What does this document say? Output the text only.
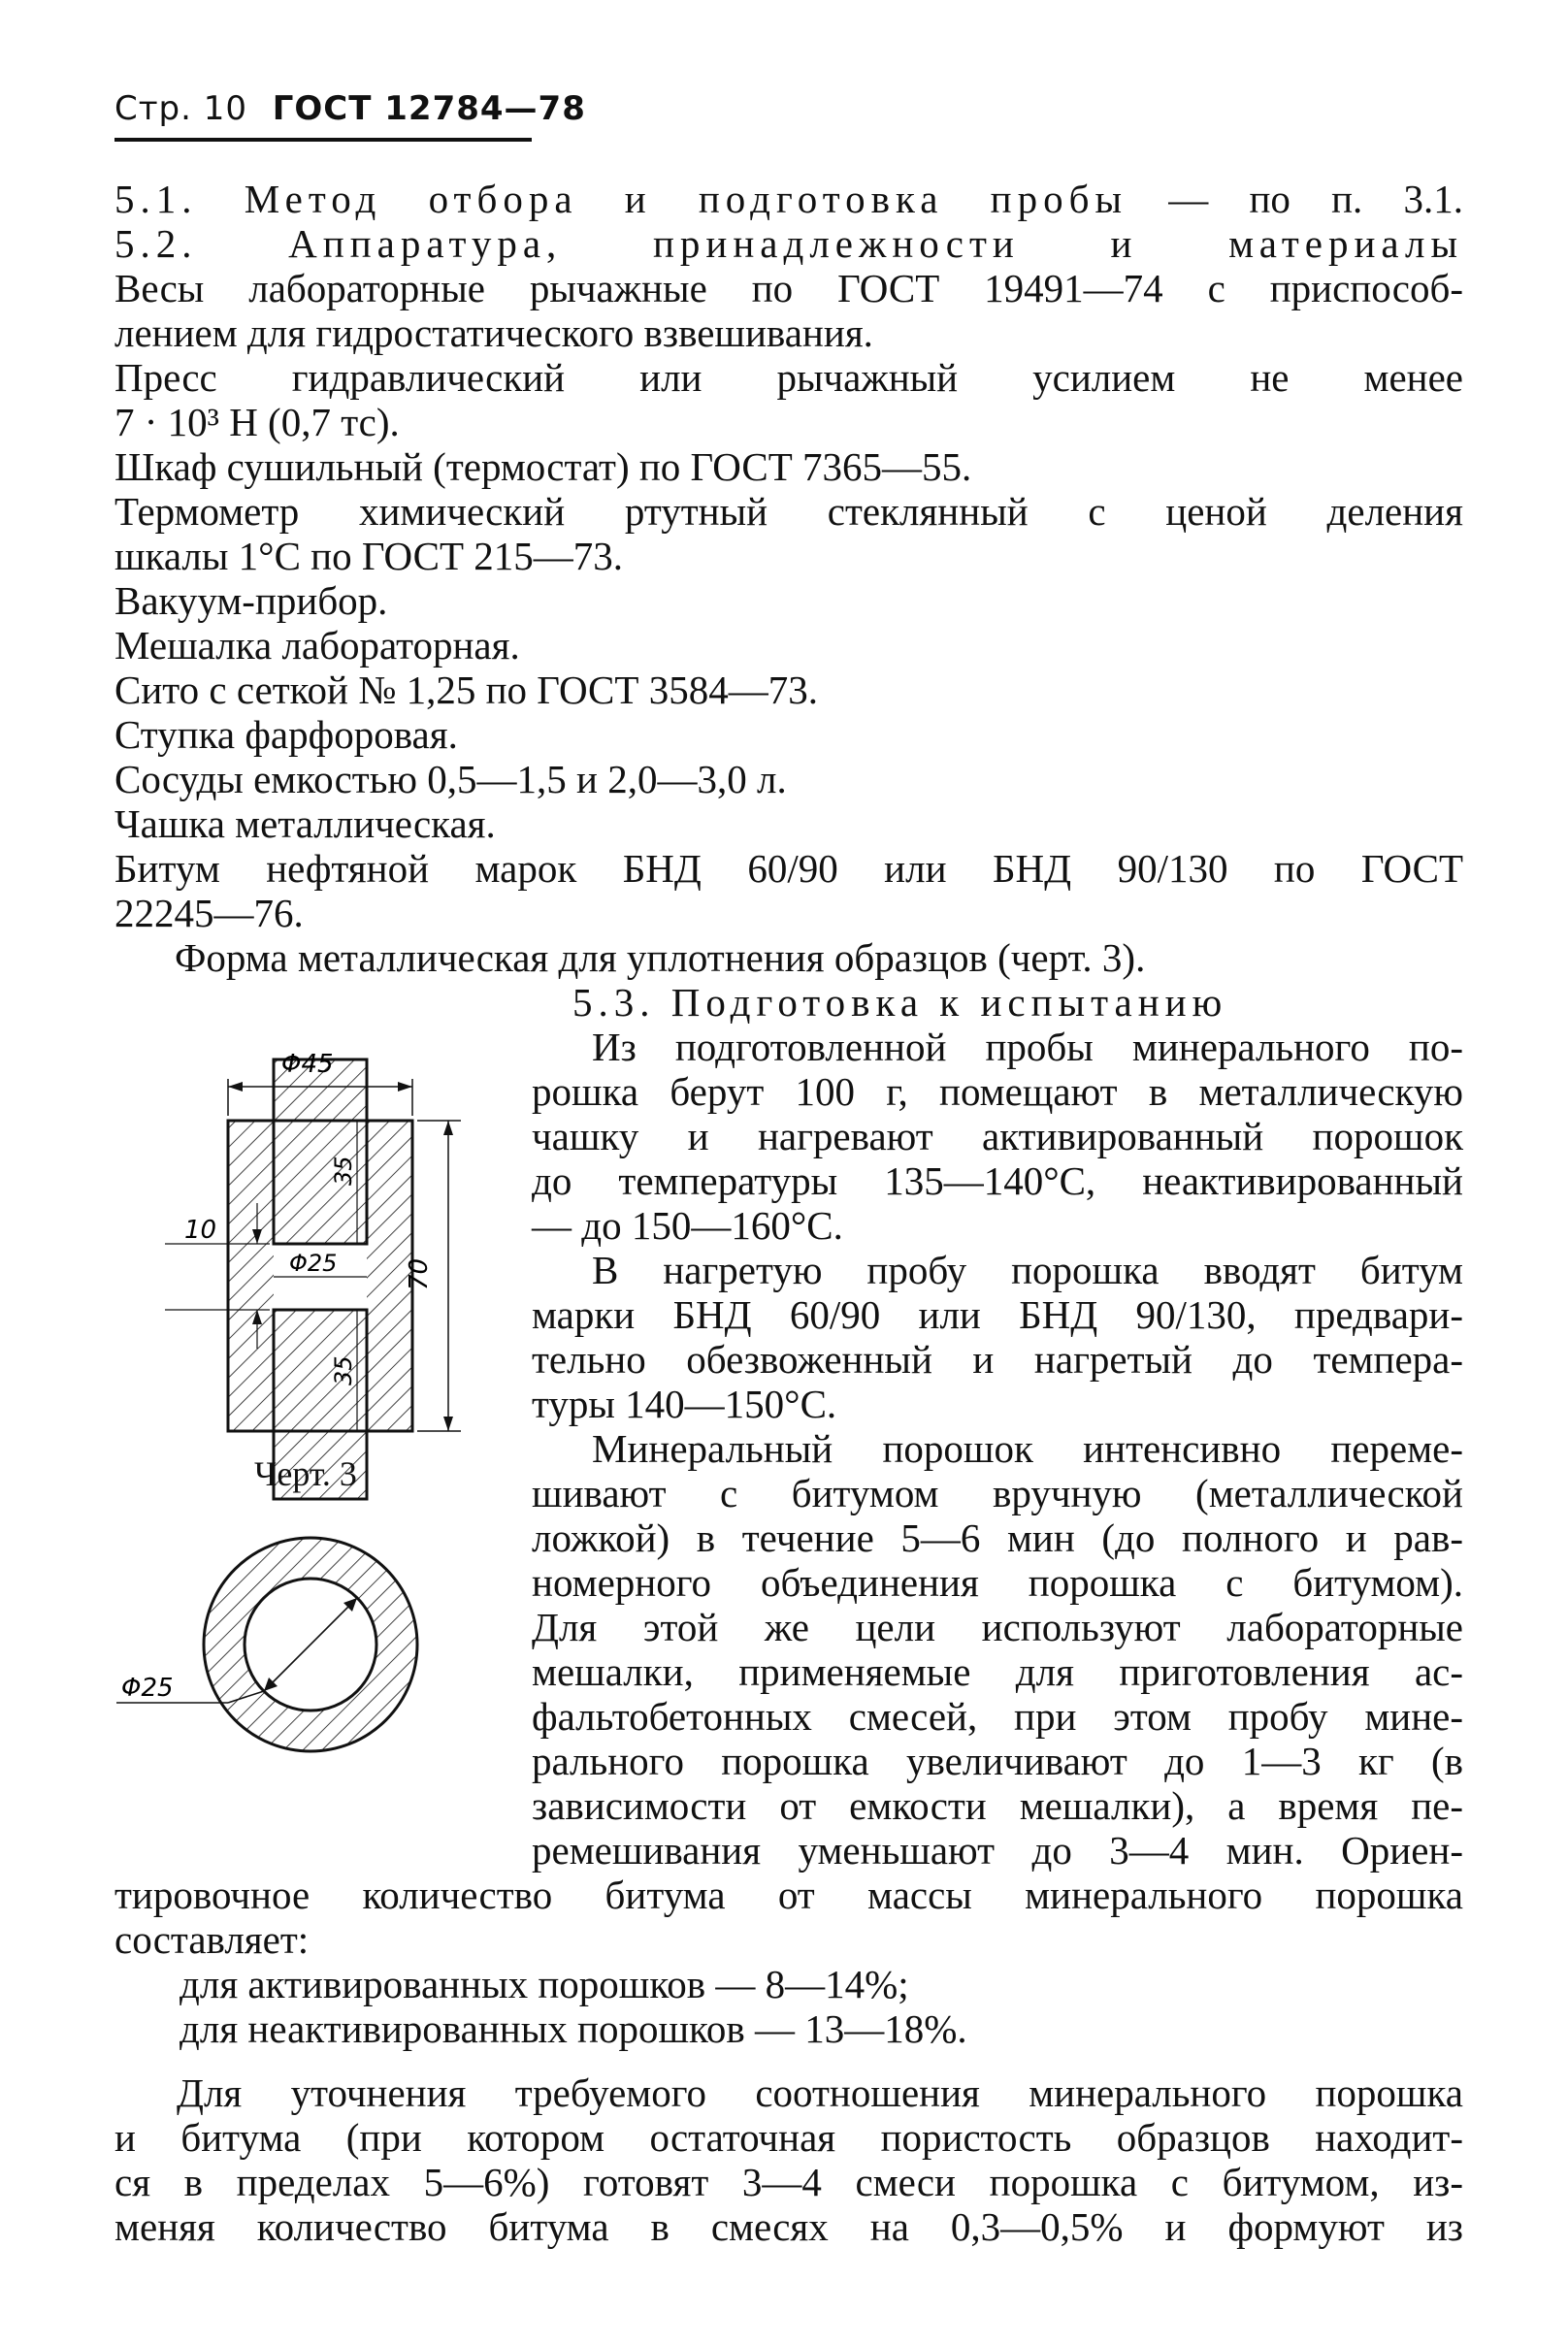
Стр. 10 ГОСТ 12784—78
5.1. Метод отбора и подготовка пробы — по п. 3.1.
5.2. Аппаратура, принадлежности и материалы
Весы лабораторные рычажные по ГОСТ 19491—74 с приспособ-
лением для гидростатического взвешивания.
Пресс гидравлический или рычажный усилием не менее
7 · 10³ Н (0,7 тс).
Шкаф сушильный (термостат) по ГОСТ 7365—55.
Термометр химический ртутный стеклянный с ценой деления
шкалы 1°С по ГОСТ 215—73.
Вакуум-прибор.
Мешалка лабораторная.
Сито с сеткой № 1,25 по ГОСТ 3584—73.
Ступка фарфоровая.
Сосуды емкостью 0,5—1,5 и 2,0—3,0 л.
Чашка металлическая.
Битум нефтяной марок БНД 60/90 или БНД 90/130 по ГОСТ
22245—76.
Форма металлическая для уплотнения образцов (черт. 3).
5.3. Подготовка к испытанию
Из подготовленной пробы минерального по-
рошка берут 100 г, помещают в металлическую
чашку и нагревают активированный порошок
до температуры 135—140°С, неактивированный
— до 150—160°С.
В нагретую пробу порошка вводят битум
марки БНД 60/90 или БНД 90/130, предвари-
тельно обезвоженный и нагретый до темпера-
туры 140—150°С.
Минеральный порошок интенсивно переме-
шивают с битумом вручную (металлической
ложкой) в течение 5—6 мин (до полного и рав-
номерного объединения порошка с битумом).
Для этой же цели используют лабораторные
мешалки, применяемые для приготовления ас-
фальтобетонных смесей, при этом пробу мине-
рального порошка увеличивают до 1—3 кг (в
зависимости от емкости мешалки), а время пе-
ремешивания уменьшают до 3—4 мин. Ориен-
тировочное количество битума от массы минерального порошка
составляет:
для активированных порошков — 8—14%;
для неактивированных порошков — 13—18%.
Для уточнения требуемого соотношения минерального порошка
и битума (при котором остаточная пористость образцов находит-
ся в пределах 5—6%) готовят 3—4 смеси порошка с битумом, из-
меняя количество битума в смесях на 0,3—0,5% и формуют из
Φ45
70
35
35
Φ25
10
Φ25
Черт. 3
